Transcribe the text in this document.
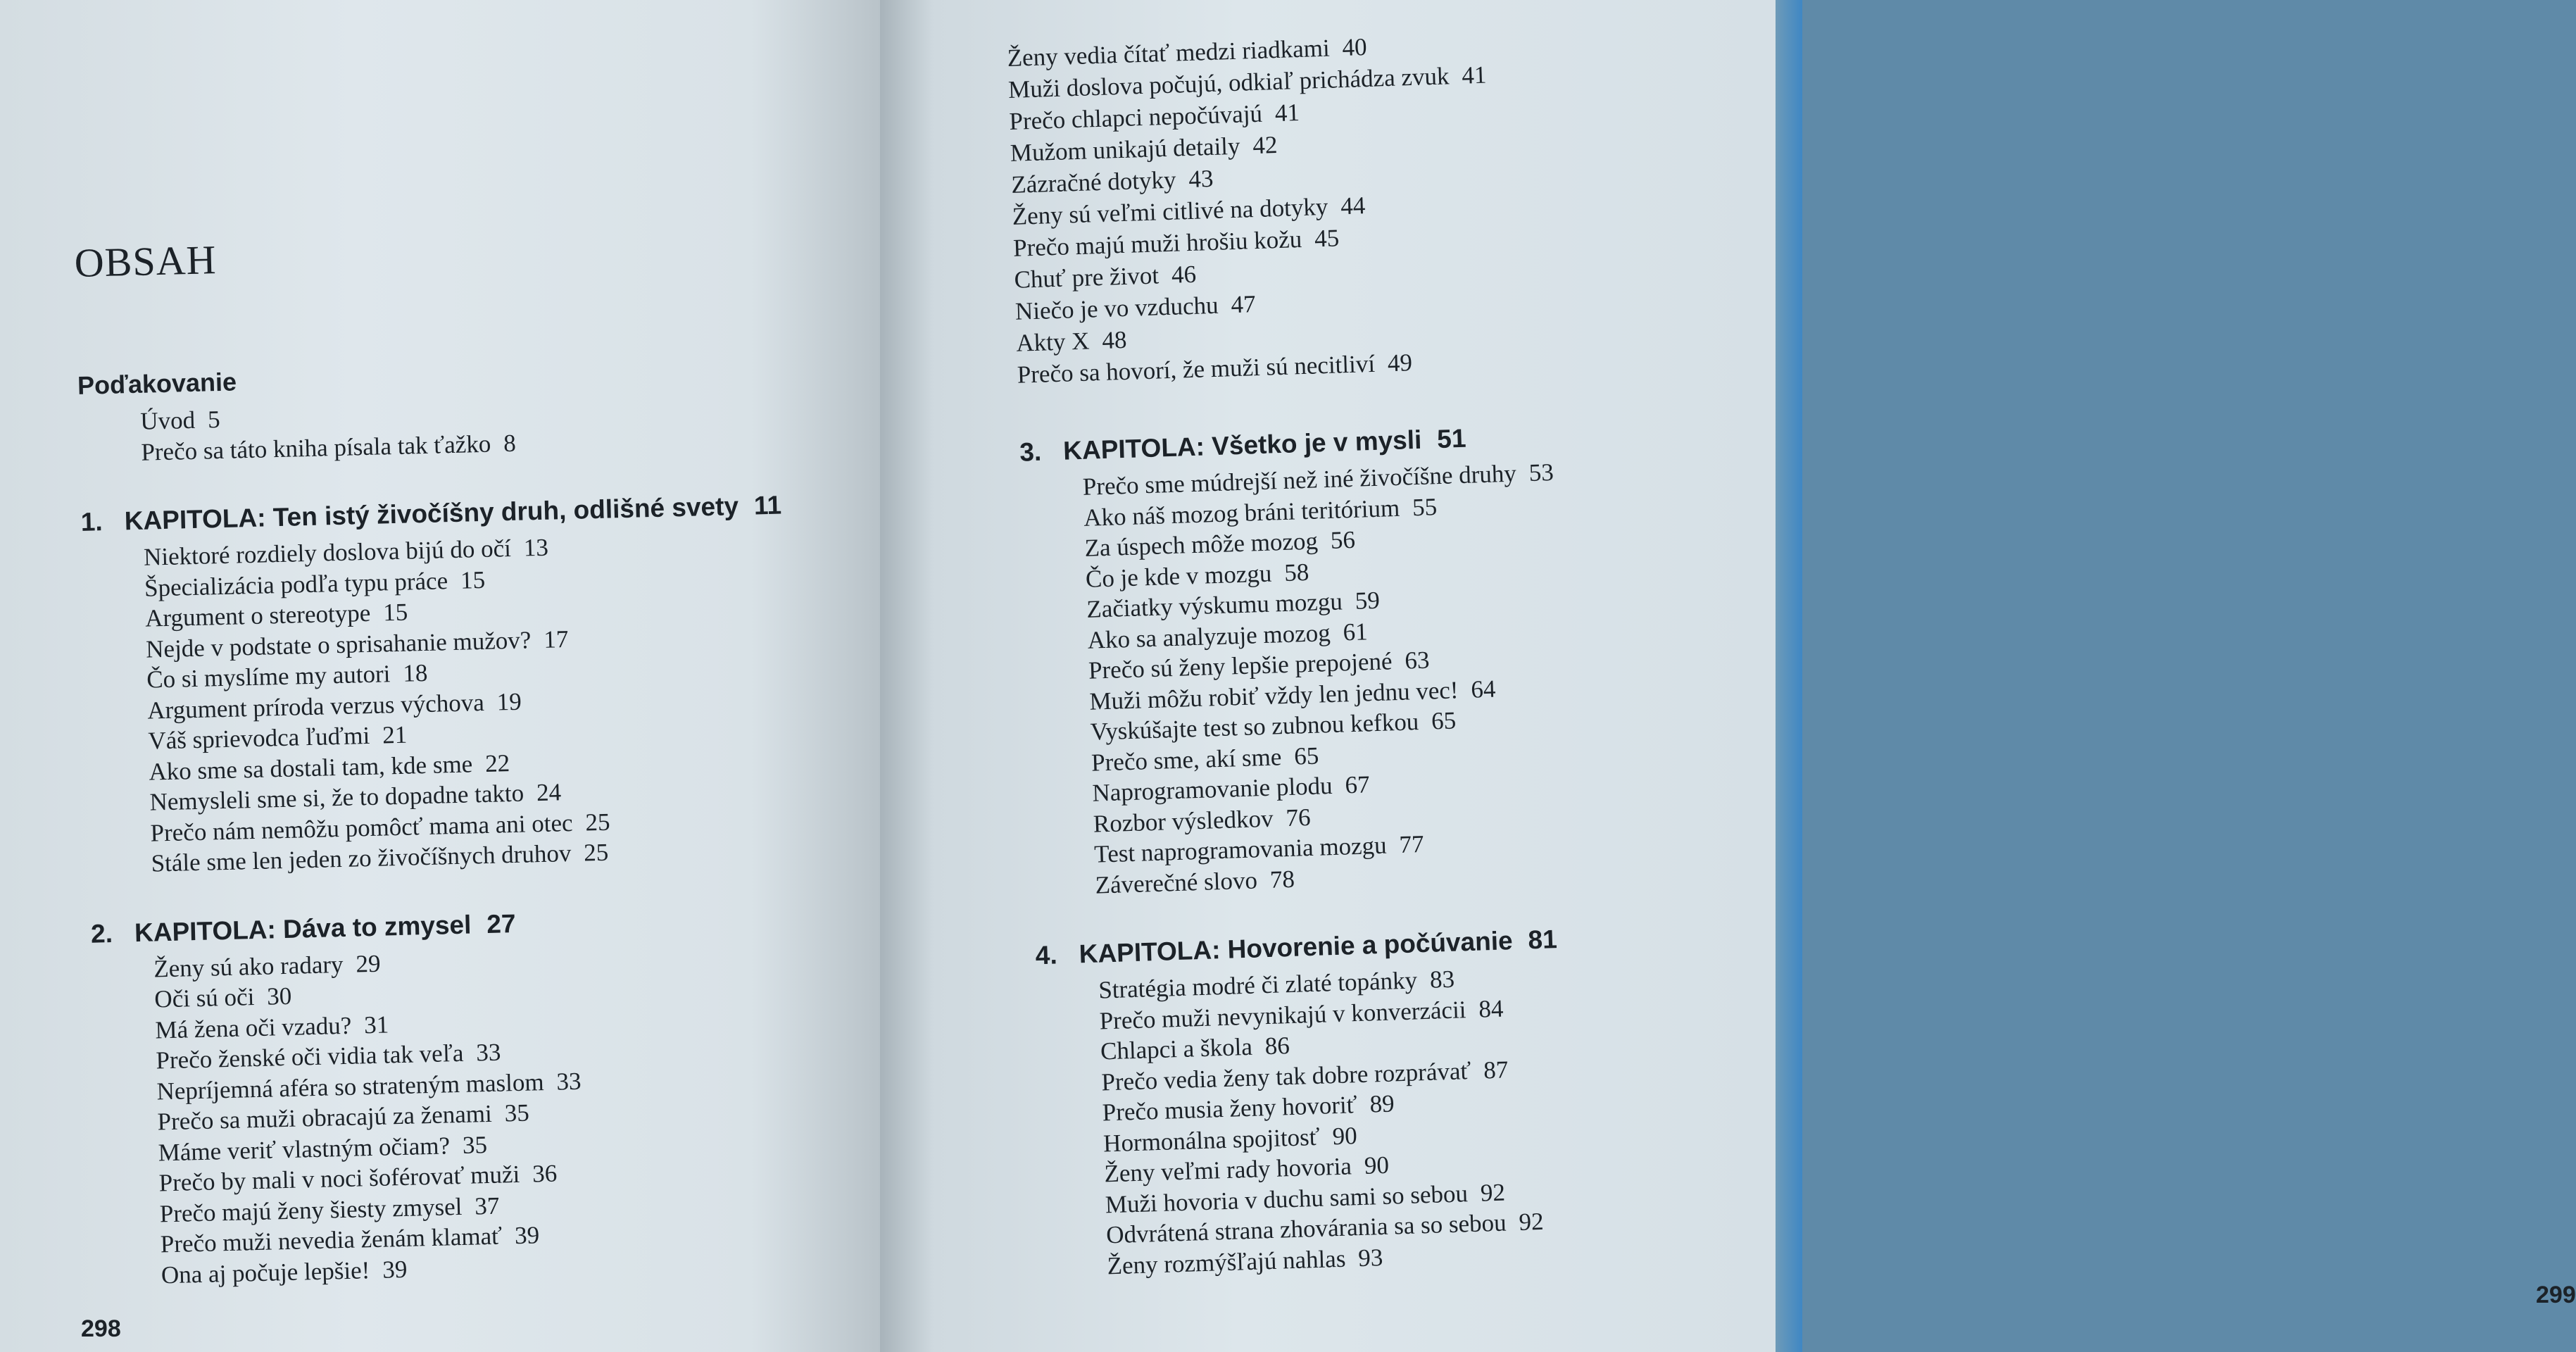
OBSAH
Poďakovanie
Úvod 5
Prečo sa táto kniha písala tak ťažko 8
1. KAPITOLA: Ten istý živočíšny druh, odlišné svety 11
Niektoré rozdiely doslova bijú do očí 13
Špecializácia podľa typu práce 15
Argument o stereotype 15
Nejde v podstate o sprisahanie mužov? 17
Čo si myslíme my autori 18
Argument príroda verzus výchova 19
Váš sprievodca ľuďmi 21
Ako sme sa dostali tam, kde sme 22
Nemysleli sme si, že to dopadne takto 24
Prečo nám nemôžu pomôcť mama ani otec 25
Stále sme len jeden zo živočíšnych druhov 25
2. KAPITOLA: Dáva to zmysel 27
Ženy sú ako radary 29
Oči sú oči 30
Má žena oči vzadu? 31
Prečo ženské oči vidia tak veľa 33
Nepríjemná aféra so strateným maslom 33
Prečo sa muži obracajú za ženami 35
Máme veriť vlastným očiam? 35
Prečo by mali v noci šoférovať muži 36
Prečo majú ženy šiesty zmysel 37
Prečo muži nevedia ženám klamať 39
Ona aj počuje lepšie! 39
298
Ženy vedia čítať medzi riadkami 40
Muži doslova počujú, odkiaľ prichádza zvuk 41
Prečo chlapci nepočúvajú 41
Mužom unikajú detaily 42
Zázračné dotyky 43
Ženy sú veľmi citlivé na dotyky 44
Prečo majú muži hrošiu kožu 45
Chuť pre život 46
Niečo je vo vzduchu 47
Akty X 48
Prečo sa hovorí, že muži sú necitliví 49
3. KAPITOLA: Všetko je v mysli 51
Prečo sme múdrejší než iné živočíšne druhy 53
Ako náš mozog bráni teritórium 55
Za úspech môže mozog 56
Čo je kde v mozgu 58
Začiatky výskumu mozgu 59
Ako sa analyzuje mozog 61
Prečo sú ženy lepšie prepojené 63
Muži môžu robiť vždy len jednu vec! 64
Vyskúšajte test so zubnou kefkou 65
Prečo sme, akí sme 65
Naprogramovanie plodu 67
Rozbor výsledkov 76
Test naprogramovania mozgu 77
Záverečné slovo 78
4. KAPITOLA: Hovorenie a počúvanie 81
Stratégia modré či zlaté topánky 83
Prečo muži nevynikajú v konverzácii 84
Chlapci a škola 86
Prečo vedia ženy tak dobre rozprávať 87
Prečo musia ženy hovoriť 89
Hormonálna spojitosť 90
Ženy veľmi rady hovoria 90
Muži hovoria v duchu sami so sebou 92
Odvrátená strana zhovárania sa so sebou 92
Ženy rozmýšľajú nahlas 93
299
